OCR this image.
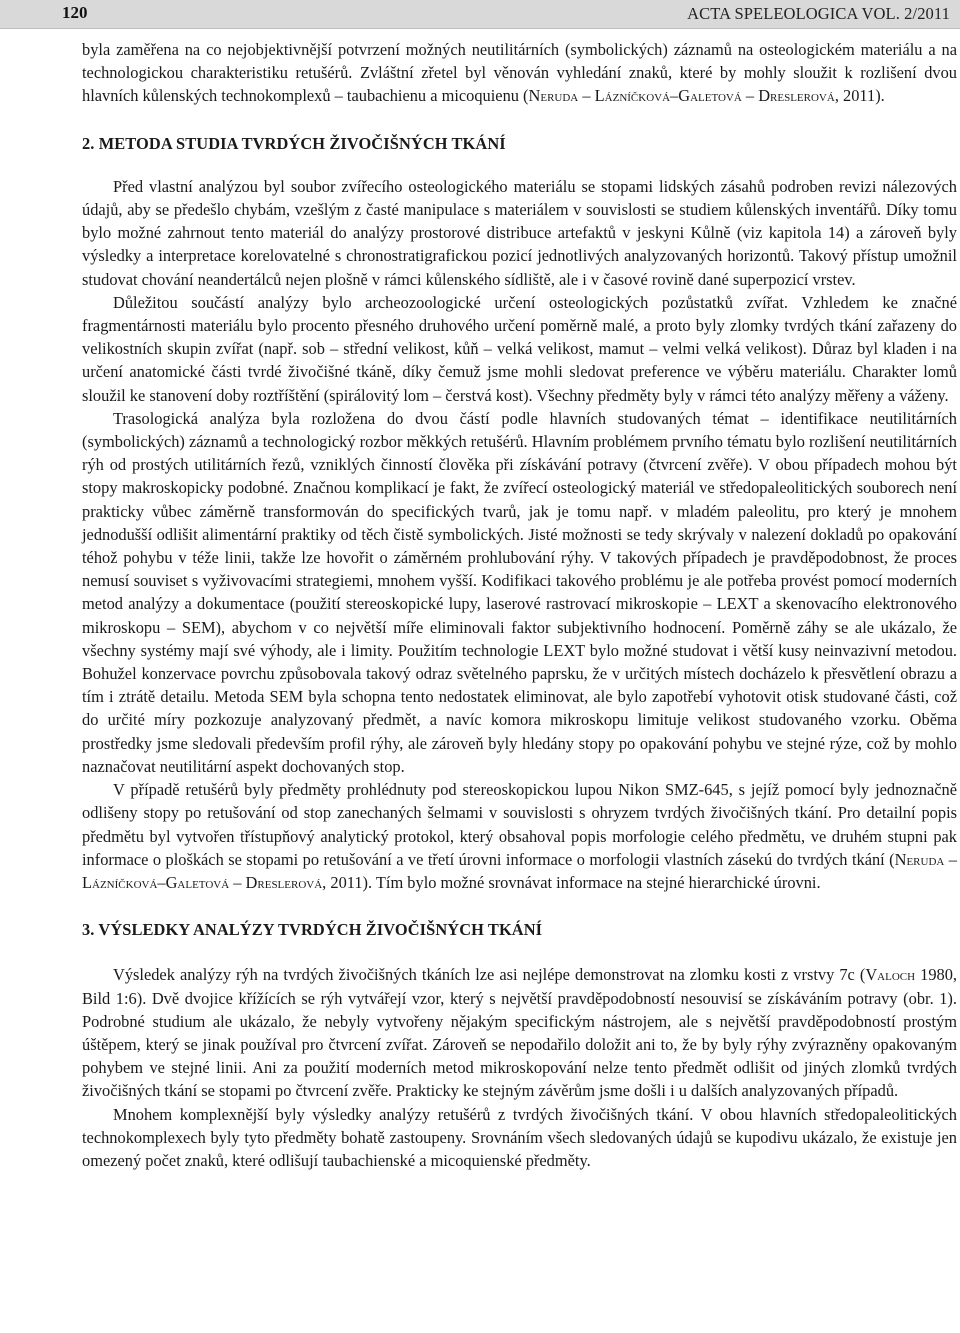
120	ACTA SPELEOLOGICA VOL. 2/2011

byla zaměřena na co nejobjektivnější potvrzení možných neutilitárních (symbolických) záznamů na osteologickém materiálu a na technologickou charakteristiku retušérů. Zvláštní zřetel byl věnován vyhledání znaků, které by mohly sloužit k rozlišení dvou hlavních kůlenských technokomplexů – taubachienu a micoquienu (Neruda – Lázníčková–Galetová – Dreslerová, 2011).

2. METODA STUDIA TVRDÝCH ŽIVOČIŠNÝCH TKÁNÍ

Před vlastní analýzou byl soubor zvířecího osteologického materiálu se stopami lidských zásahů podroben revizi nálezových údajů, aby se předešlo chybám, vzešlým z časté manipulace s materiálem v souvislosti se studiem kůlenských inventářů. Díky tomu bylo možné zahrnout tento materiál do analýzy prostorové distribuce artefaktů v jeskyni Kůlně (viz kapitola 14) a zároveň byly výsledky a interpretace korelovatelné s chronostratigrafickou pozicí jednotlivých analyzovaných horizontů. Takový přístup umožnil studovat chování neandertálců nejen plošně v rámci kůlenského sídliště, ale i v časové rovině dané superpozicí vrstev.

Důležitou součástí analýzy bylo archeozoologické určení osteologických pozůstatků zvířat. Vzhledem ke značné fragmentárnosti materiálu bylo procento přesného druhového určení poměrně malé, a proto byly zlomky tvrdých tkání zařazeny do velikostních skupin zvířat (např. sob – střední velikost, kůň – velká velikost, mamut – velmi velká velikost). Důraz byl kladen i na určení anatomické části tvrdé živočišné tkáně, díky čemuž jsme mohli sledovat preference ve výběru materiálu. Charakter lomů sloužil ke stanovení doby roztříštění (spirálovitý lom – čerstvá kost). Všechny předměty byly v rámci této analýzy měřeny a váženy.

Trasologická analýza byla rozložena do dvou částí podle hlavních studovaných témat – identifikace neutilitárních (symbolických) záznamů a technologický rozbor měkkých retušérů. Hlavním problémem prvního tématu bylo rozlišení neutilitárních rýh od prostých utilitárních řezů, vzniklých činností člověka při získávání potravy (čtvrcení zvěře). V obou případech mohou být stopy makroskopicky podobné. Značnou komplikací je fakt, že zvířecí osteologický materiál ve středopaleolitických souborech není prakticky vůbec záměrně transformován do specifických tvarů, jak je tomu např. v mladém paleolitu, pro který je mnohem jednodušší odlišit alimentární praktiky od těch čistě symbolických. Jisté možnosti se tedy skrývaly v nalezení dokladů po opakování téhož pohybu v téže linii, takže lze hovořit o záměrném prohlubování rýhy. V takových případech je pravděpodobnost, že proces nemusí souviset s vyživovacími strategiemi, mnohem vyšší. Kodifikaci takového problému je ale potřeba provést pomocí moderních metod analýzy a dokumentace (použití stereoskopické lupy, laserové rastrovací mikroskopie – LEXT a skenovacího elektronového mikroskopu – SEM), abychom v co největší míře eliminovali faktor subjektivního hodnocení. Poměrně záhy se ale ukázalo, že všechny systémy mají své výhody, ale i limity. Použitím technologie LEXT bylo možné studovat i větší kusy neinvazivní metodou. Bohužel konzervace povrchu způsobovala takový odraz světelného paprsku, že v určitých místech docházelo k přesvětlení obrazu a tím i ztrátě detailu. Metoda SEM byla schopna tento nedostatek eliminovat, ale bylo zapotřebí vyhotovit otisk studované části, což do určité míry pozkozuje analyzovaný předmět, a navíc komora mikroskopu limituje velikost studovaného vzorku. Oběma prostředky jsme sledovali především profil rýhy, ale zároveň byly hledány stopy po opakování pohybu ve stejné rýze, což by mohlo naznačovat neutilitární aspekt dochovaných stop.

V případě retušérů byly předměty prohlédnuty pod stereoskopickou lupou Nikon SMZ-645, s jejíž pomocí byly jednoznačně odlišeny stopy po retušování od stop zanechaných šelmami v souvislosti s ohryzem tvrdých živočišných tkání. Pro detailní popis předmětu byl vytvořen třístupňový analytický protokol, který obsahoval popis morfologie celého předmětu, ve druhém stupni pak informace o ploškách se stopami po retušování a ve třetí úrovni informace o morfologii vlastních zásekú do tvrdých tkání (Neruda – Lázníčková–Galetová – Dreslerová, 2011). Tím bylo možné srovnávat informace na stejné hierarchické úrovni.

3. VÝSLEDKY ANALÝZY TVRDÝCH ŽIVOČIŠNÝCH TKÁNÍ

Výsledek analýzy rýh na tvrdých živočišných tkáních lze asi nejlépe demonstrovat na zlomku kosti z vrstvy 7c (Valoch 1980, Bild 1:6). Dvě dvojice křížících se rýh vytvářejí vzor, který s největší pravděpodobností nesouvisí se získáváním potravy (obr. 1). Podrobné studium ale ukázalo, že nebyly vytvořeny nějakým specifickým nástrojem, ale s největší pravděpodobností prostým úštěpem, který se jinak používal pro čtvrcení zvířat. Zároveň se nepodařilo doložit ani to, že by byly rýhy zvýrazněny opakovaným pohybem ve stejné linii. Ani za použití moderních metod mikroskopování nelze tento předmět odlišit od jiných zlomků tvrdých živočišných tkání se stopami po čtvrcení zvěře. Prakticky ke stejným závěrům jsme došli i u dalších analyzovaných případů.

Mnohem komplexnější byly výsledky analýzy retušérů z tvrdých živočišných tkání. V obou hlavních středopaleolitických technokomplexech byly tyto předměty bohatě zastoupeny. Srovnáním všech sledovaných údajů se kupodivu ukázalo, že existuje jen omezený počet znaků, které odlišují taubachienské a micoquienské předměty.
